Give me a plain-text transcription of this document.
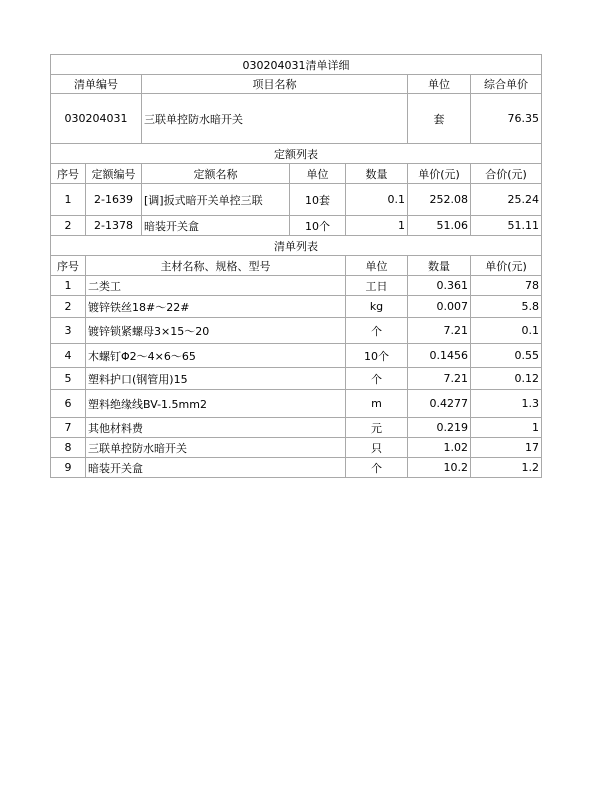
030204031清单详细							
清单编号		项目名称			单位	综合单价	
030204031		三联单控防水暗开关			套	76.35	
定额列表							
序号	定额编号	定额名称	单位	数量	单价(元)	合价(元)	
1	2-1639	[调]扳式暗开关单控三联	10套	0.1	252.08	25.24	
2	2-1378	暗装开关盒	10个	1	51.06	51.11	
清单列表							
序号	主材名称、规格、型号			单位	数量	单价(元)	
1	二类工			工日	0.361	78	
2	镀锌铁丝18#～22#			kg	0.007	5.8	
3	镀锌锁紧螺母3×15～20			个	7.21	0.1	
4	木螺钉Φ2～4×6～65			10个	0.1456	0.55	
5	塑料护口(钢管用)15			个	7.21	0.12	
6	塑料绝缘线BV-1.5mm2			m	0.4277	1.3	
7	其他材料费			元	0.219	1	
8	三联单控防水暗开关			只	1.02	17	
9	暗装开关盒			个	10.2	1.2	
